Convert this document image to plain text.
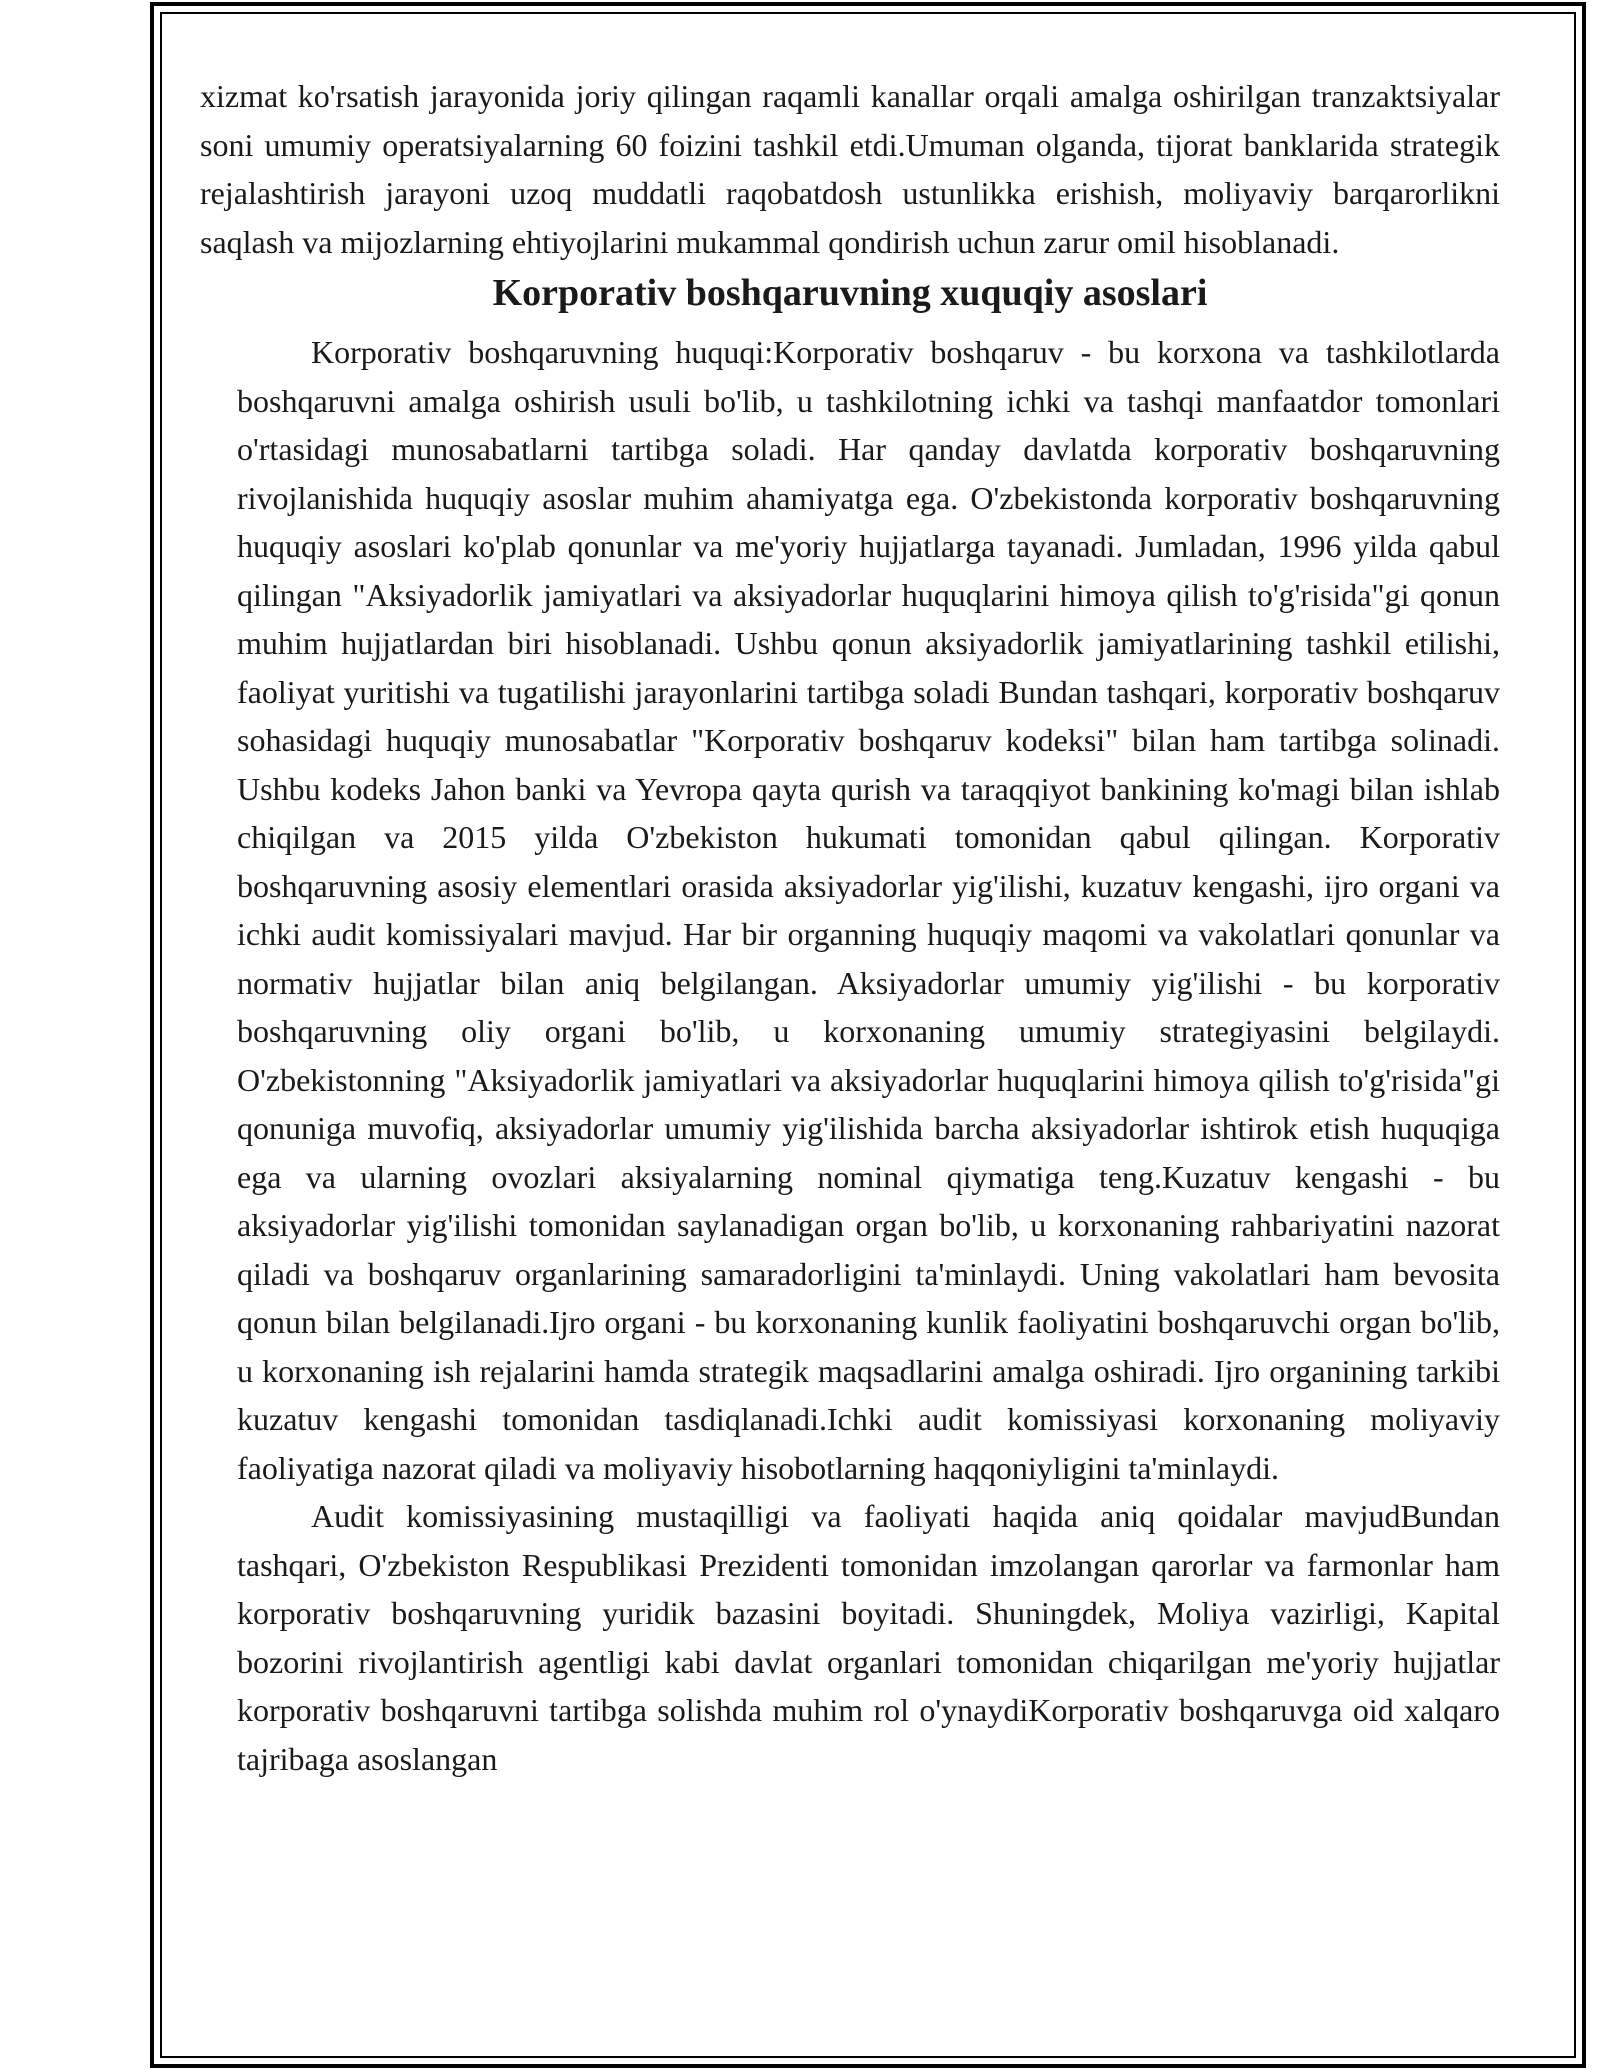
xizmat ko'rsatish jarayonida joriy qilingan raqamli kanallar orqali amalga oshirilgan tranzaktsiyalar soni umumiy operatsiyalarning 60 foizini tashkil etdi.Umuman olganda, tijorat banklarida strategik rejalashtirish jarayoni uzoq muddatli raqobatdosh ustunlikka erishish, moliyaviy barqarorlikni saqlash va mijozlarning ehtiyojlarini mukammal qondirish uchun zarur omil hisoblanadi.

Korporativ boshqaruvning xuquqiy asoslari

Korporativ boshqaruvning huquqi:Korporativ boshqaruv - bu korxona va tashkilotlarda boshqaruvni amalga oshirish usuli bo'lib, u tashkilotning ichki va tashqi manfaatdor tomonlari o'rtasidagi munosabatlarni tartibga soladi. Har qanday davlatda korporativ boshqaruvning rivojlanishida huquqiy asoslar muhim ahamiyatga ega. O'zbekistonda korporativ boshqaruvning huquqiy asoslari ko'plab qonunlar va me'yoriy hujjatlarga tayanadi. Jumladan, 1996 yilda qabul qilingan "Aksiyadorlik jamiyatlari va aksiyadorlar huquqlarini himoya qilish to'g'risida"gi qonun muhim hujjatlardan biri hisoblanadi. Ushbu qonun aksiyadorlik jamiyatlarining tashkil etilishi, faoliyat yuritishi va tugatilishi jarayonlarini tartibga soladi Bundan tashqari, korporativ boshqaruv sohasidagi huquqiy munosabatlar "Korporativ boshqaruv kodeksi" bilan ham tartibga solinadi. Ushbu kodeks Jahon banki va Yevropa qayta qurish va taraqqiyot bankining ko'magi bilan ishlab chiqilgan va 2015 yilda O'zbekiston hukumati tomonidan qabul qilingan. Korporativ boshqaruvning asosiy elementlari orasida aksiyadorlar yig'ilishi, kuzatuv kengashi, ijro organi va ichki audit komissiyalari mavjud. Har bir organning huquqiy maqomi va vakolatlari qonunlar va normativ hujjatlar bilan aniq belgilangan. Aksiyadorlar umumiy yig'ilishi - bu korporativ boshqaruvning oliy organi bo'lib, u korxonaning umumiy strategiyasini belgilaydi. O'zbekistonning "Aksiyadorlik jamiyatlari va aksiyadorlar huquqlarini himoya qilish to'g'risida"gi qonuniga muvofiq, aksiyadorlar umumiy yig'ilishida barcha aksiyadorlar ishtirok etish huquqiga ega va ularning ovozlari aksiyalarning nominal qiymatiga teng.Kuzatuv kengashi - bu aksiyadorlar yig'ilishi tomonidan saylanadigan organ bo'lib, u korxonaning rahbariyatini nazorat qiladi va boshqaruv organlarining samaradorligini ta'minlaydi. Uning vakolatlari ham bevosita qonun bilan belgilanadi.Ijro organi - bu korxonaning kunlik faoliyatini boshqaruvchi organ bo'lib, u korxonaning ish rejalarini hamda strategik maqsadlarini amalga oshiradi. Ijro organining tarkibi kuzatuv kengashi tomonidan tasdiqlanadi.Ichki audit komissiyasi korxonaning moliyaviy faoliyatiga nazorat qiladi va moliyaviy hisobotlarning haqqoniyligini ta'minlaydi.

Audit komissiyasining mustaqilligi va faoliyati haqida aniq qoidalar mavjudBundan tashqari, O'zbekiston Respublikasi Prezidenti tomonidan imzolangan qarorlar va farmonlar ham korporativ boshqaruvning yuridik bazasini boyitadi. Shuningdek, Moliya vazirligi, Kapital bozorini rivojlantirish agentligi kabi davlat organlari tomonidan chiqarilgan me'yoriy hujjatlar korporativ boshqaruvni tartibga solishda muhim rol o'ynaydiKorporativ boshqaruvga oid xalqaro tajribaga asoslangan
